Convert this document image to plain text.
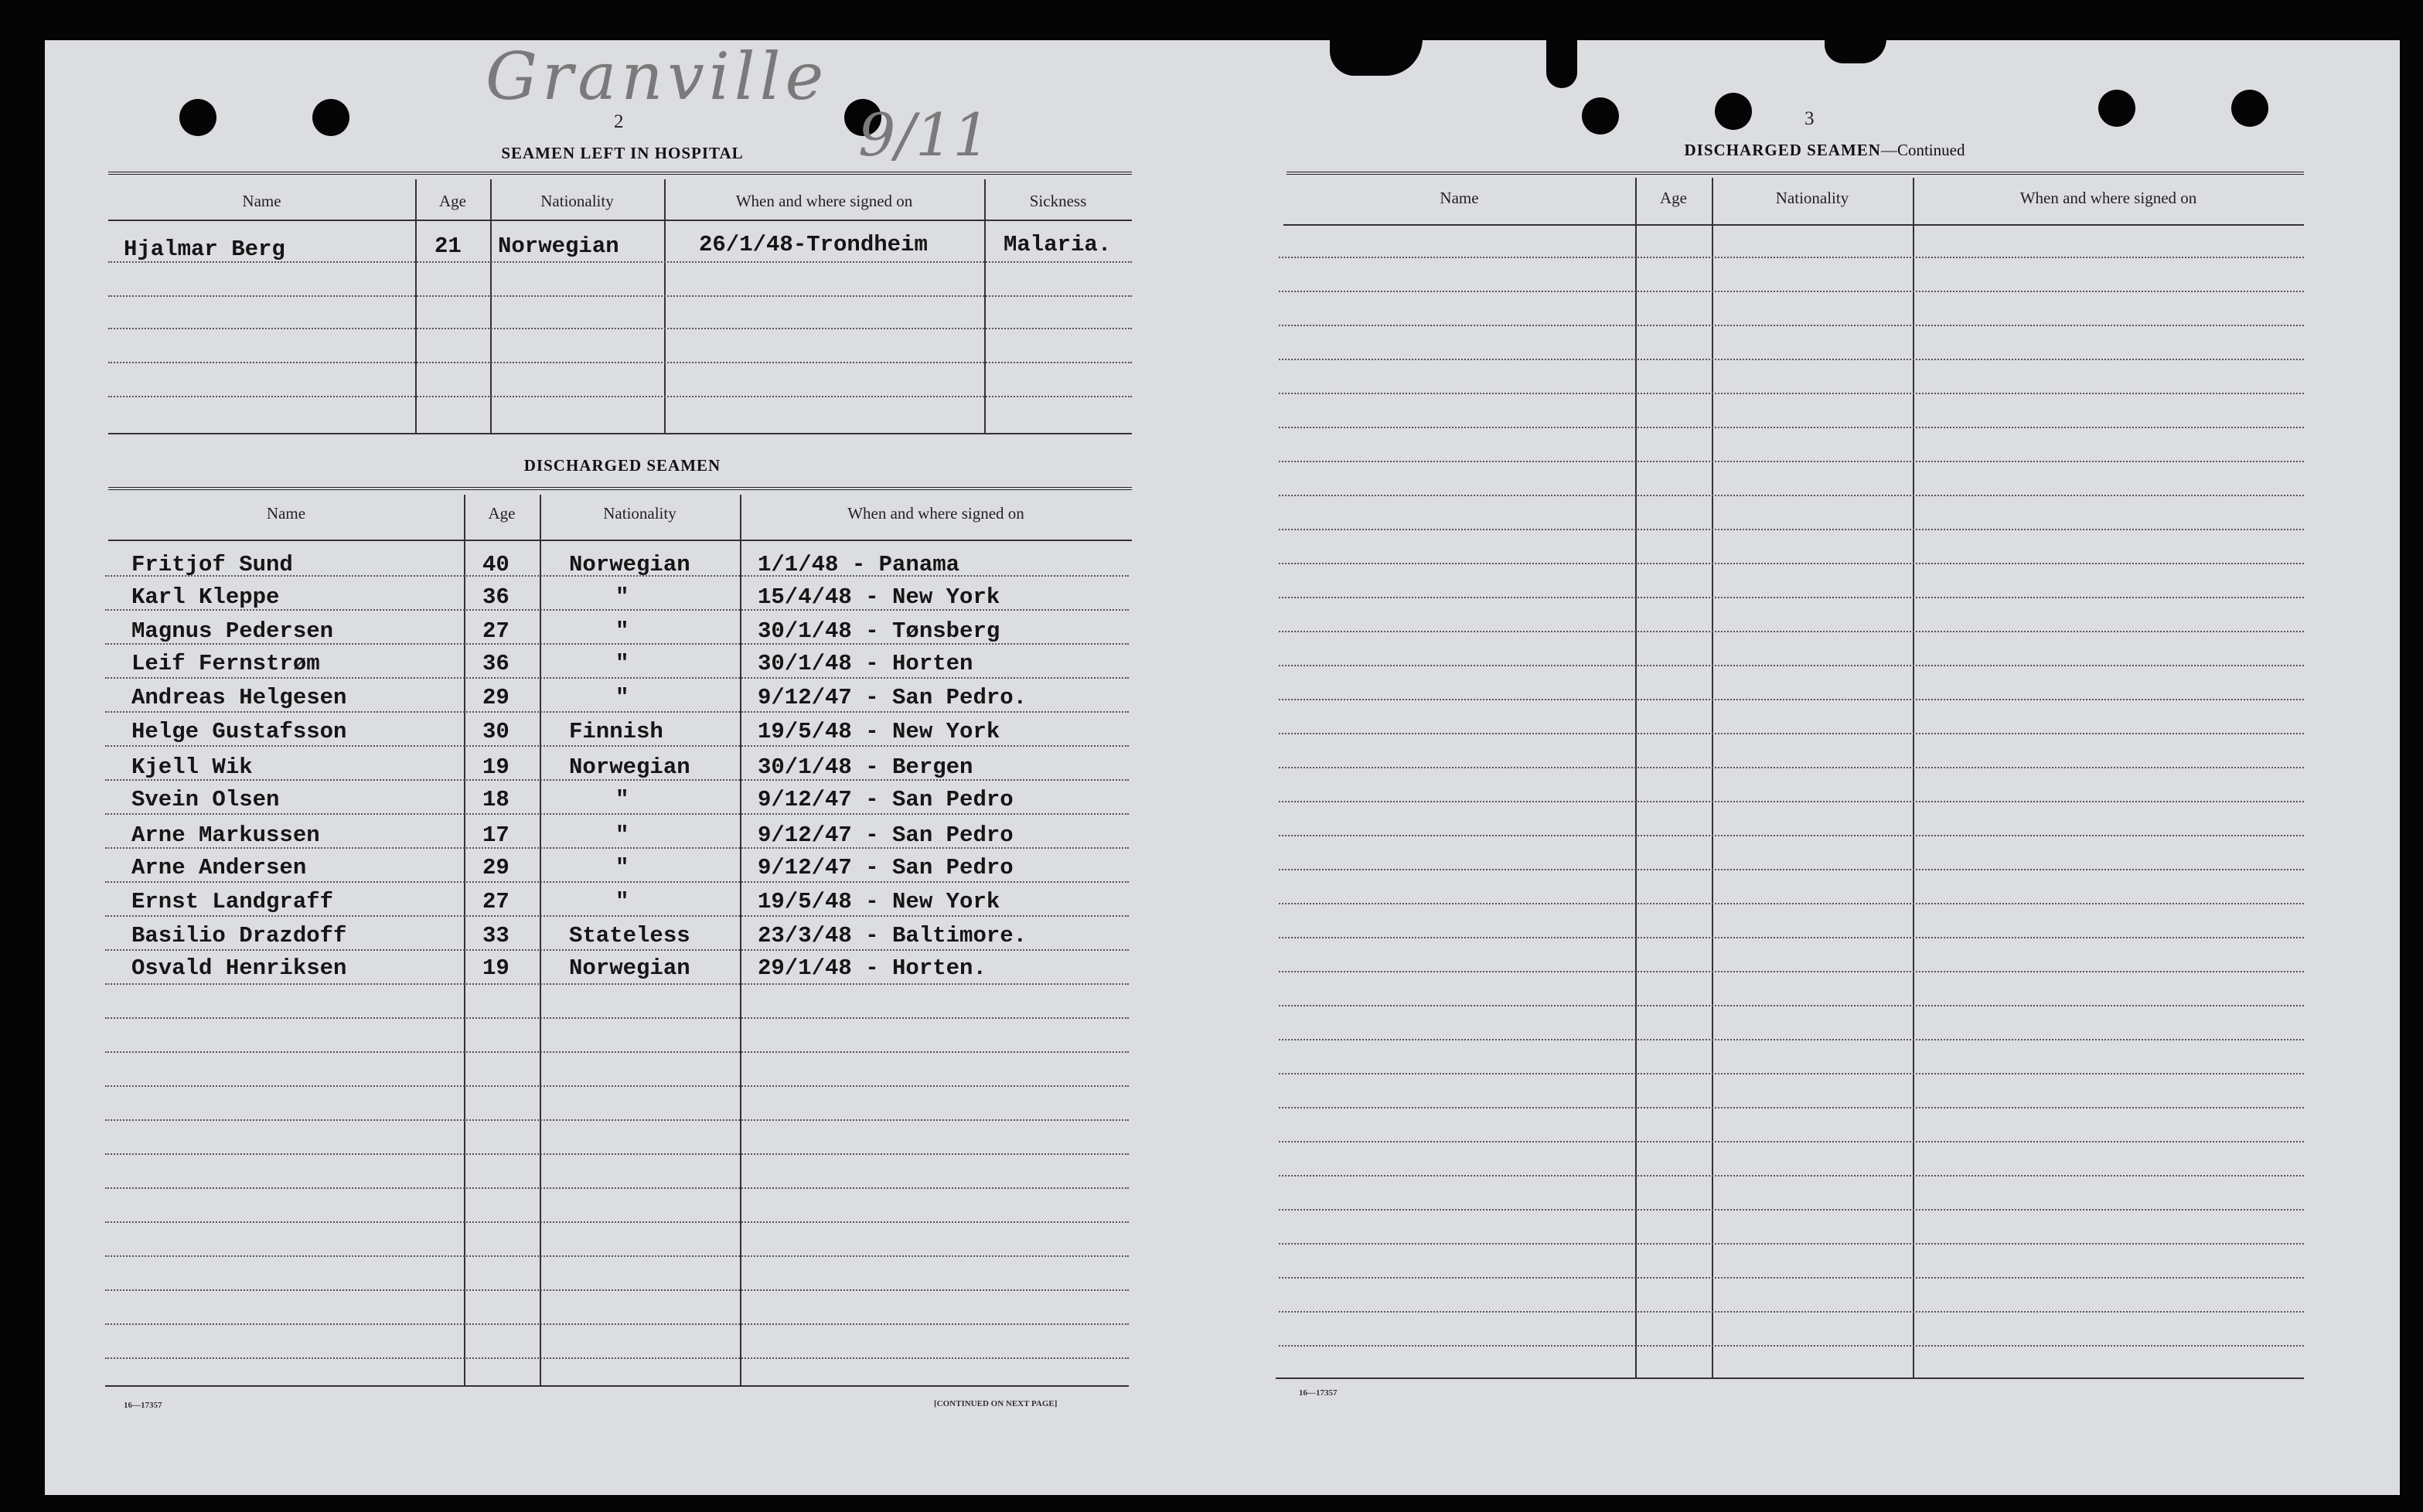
Granville
9/11
2
SEAMEN LEFT IN HOSPITAL
Name	Age	Nationality	When and where signed on	Sickness
Hjalmar Berg	21 Norwegian	26/1/48-Trondheim	Malaria.
DISCHARGED SEAMEN
Name	Age	Nationality	When and where signed on
Fritjof Sund	40	Norwegian	1/1/48 - Panama
Karl Kleppe	36	"	15/4/48 - New York
Magnus Pedersen	27	"	30/1/48 - Tønsberg
Leif Fernstrøm	36	"	30/1/48 - Horten
Andreas Helgesen	29	"	9/12/47 - San Pedro.
Helge Gustafsson	30	Finnish	19/5/48 - New York
Kjell Wik	19	Norwegian	30/1/48 - Bergen
Svein Olsen	18	"	9/12/47 - San Pedro
Arne Markussen	17	"	9/12/47 - San Pedro
Arne Andersen	29	"	9/12/47 - San Pedro
Ernst Landgraff	27	"	19/5/48 - New York
Basilio Drazdoff	33	Stateless	23/3/48 - Baltimore.
Osvald Henriksen	19	Norwegian	29/1/48 - Horten.
16—17357	[CONTINUED ON NEXT PAGE]
3
DISCHARGED SEAMEN—Continued
Name	Age	Nationality	When and where signed on
16—17357
